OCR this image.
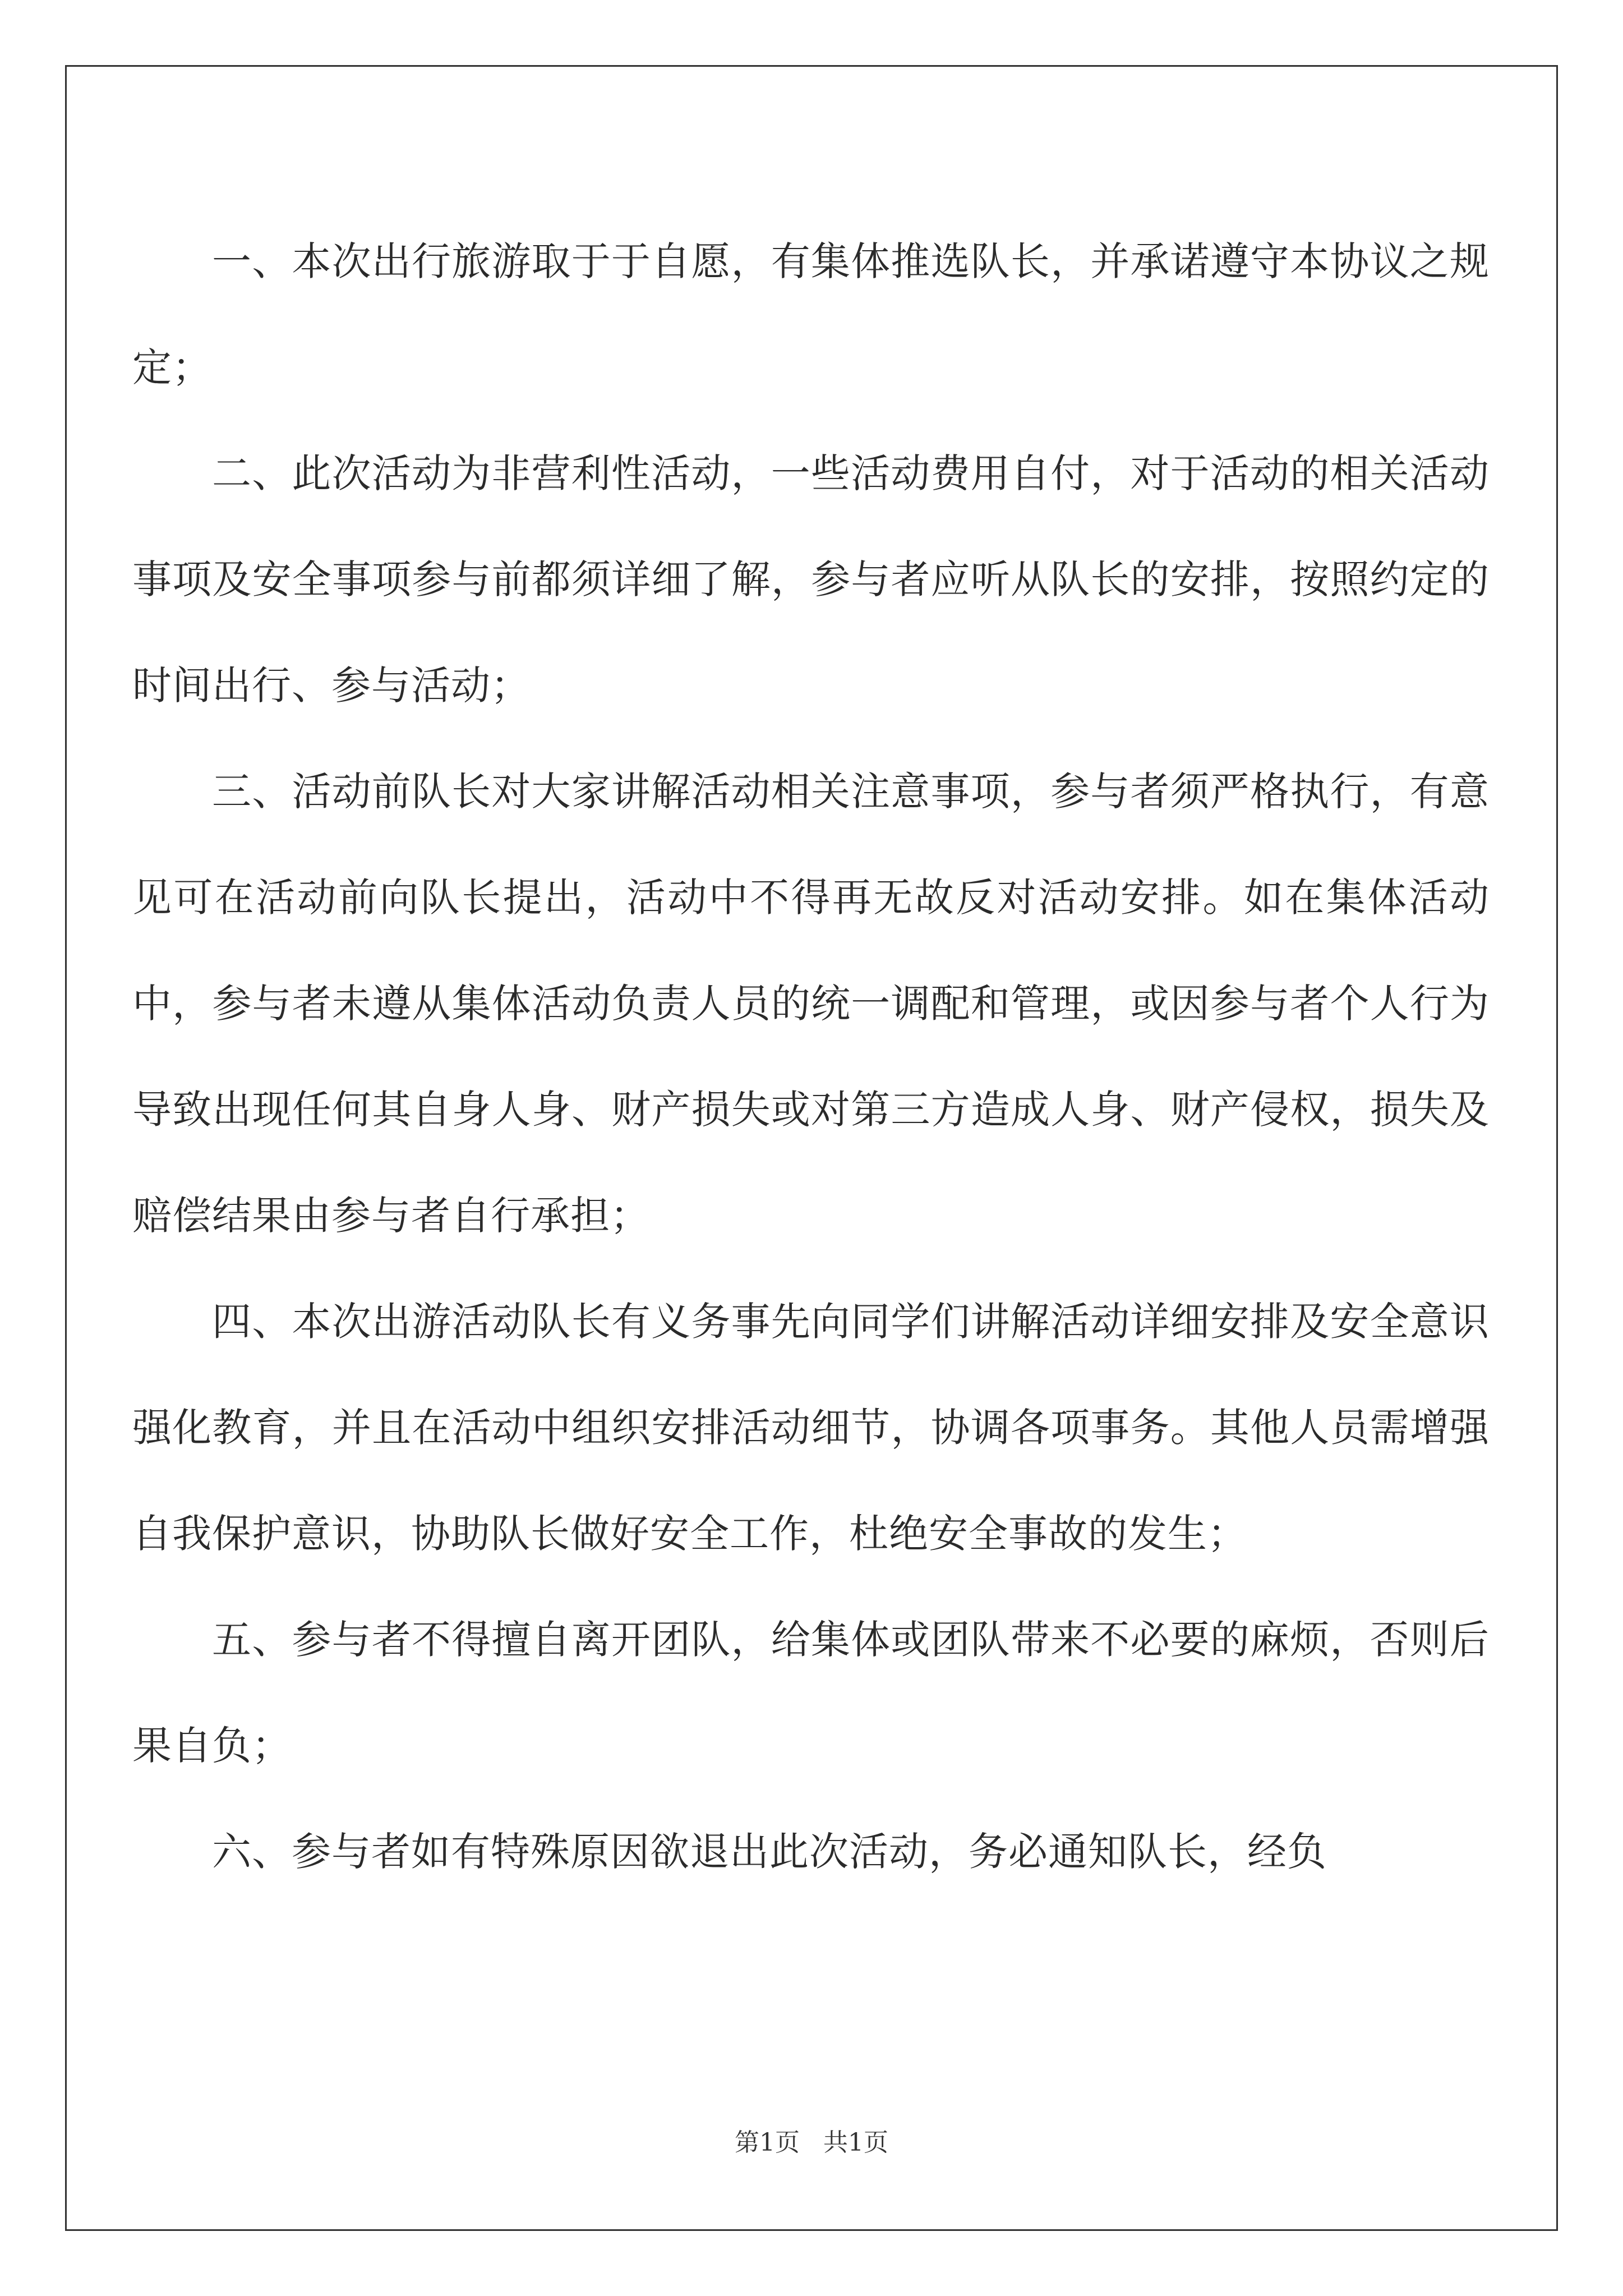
一、本次出行旅游取于于自愿，有集体推选队长，并承诺遵守本协议之规定；

二、此次活动为非营利性活动，一些活动费用自付，对于活动的相关活动事项及安全事项参与前都须详细了解，参与者应听从队长的安排，按照约定的时间出行、参与活动；

三、活动前队长对大家讲解活动相关注意事项，参与者须严格执行，有意见可在活动前向队长提出，活动中不得再无故反对活动安排。如在集体活动中，参与者未遵从集体活动负责人员的统一调配和管理，或因参与者个人行为导致出现任何其自身人身、财产损失或对第三方造成人身、财产侵权，损失及赔偿结果由参与者自行承担；

四、本次出游活动队长有义务事先向同学们讲解活动详细安排及安全意识强化教育，并且在活动中组织安排活动细节，协调各项事务。其他人员需增强自我保护意识，协助队长做好安全工作，杜绝安全事故的发生；

五、参与者不得擅自离开团队，给集体或团队带来不必要的麻烦，否则后果自负；

六、参与者如有特殊原因欲退出此次活动，务必通知队长，经负

第1页   共1页
